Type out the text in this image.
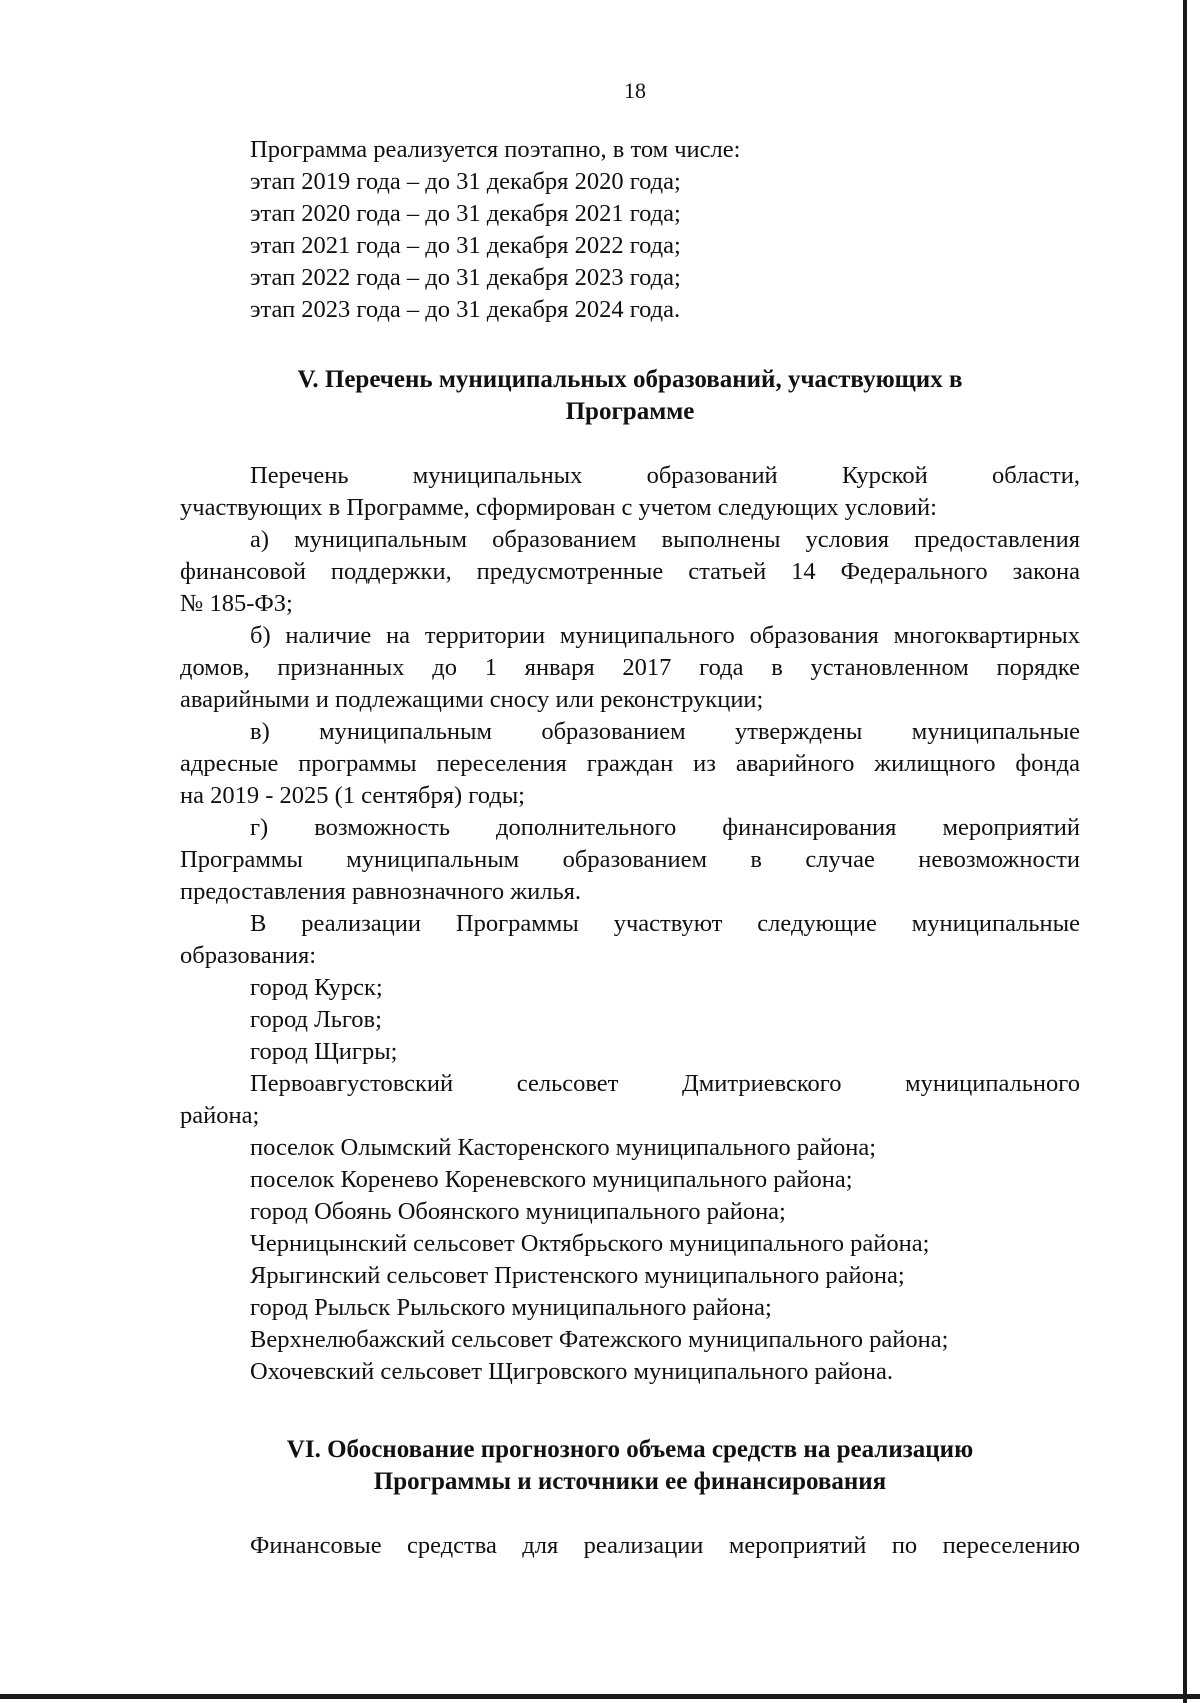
18
Программа реализуется поэтапно, в том числе:
этап 2019 года – до 31 декабря 2020 года;
этап 2020 года – до 31 декабря 2021 года;
этап 2021 года – до 31 декабря 2022 года;
этап 2022 года – до 31 декабря 2023 года;
этап 2023 года – до 31 декабря 2024 года.
V. Перечень муниципальных образований, участвующих в
Программе
Перечень муниципальных образований Курской области,
участвующих в Программе, сформирован с учетом следующих условий:
а) муниципальным образованием выполнены условия предоставления
финансовой поддержки, предусмотренные статьей 14 Федерального закона
№ 185-ФЗ;
б) наличие на территории муниципального образования многоквартирных
домов, признанных до 1 января 2017 года в установленном порядке
аварийными и подлежащими сносу или реконструкции;
в) муниципальным образованием утверждены муниципальные
адресные программы переселения граждан из аварийного жилищного фонда
на 2019 - 2025 (1 сентября) годы;
г) возможность дополнительного финансирования мероприятий
Программы муниципальным образованием в случае невозможности
предоставления равнозначного жилья.
В реализации Программы участвуют следующие муниципальные
образования:
город Курск;
город Льгов;
город Щигры;
Первоавгустовский сельсовет Дмитриевского муниципального
района;
поселок Олымский Касторенского муниципального района;
поселок Коренево Кореневского муниципального района;
город Обоянь Обоянского муниципального района;
Черницынский сельсовет Октябрьского муниципального района;
Ярыгинский сельсовет Пристенского муниципального района;
город Рыльск Рыльского муниципального района;
Верхнелюбажский сельсовет Фатежского муниципального района;
Охочевский сельсовет Щигровского муниципального района.
VI. Обоснование прогнозного объема средств на реализацию
Программы и источники ее финансирования
Финансовые средства для реализации мероприятий по переселению
